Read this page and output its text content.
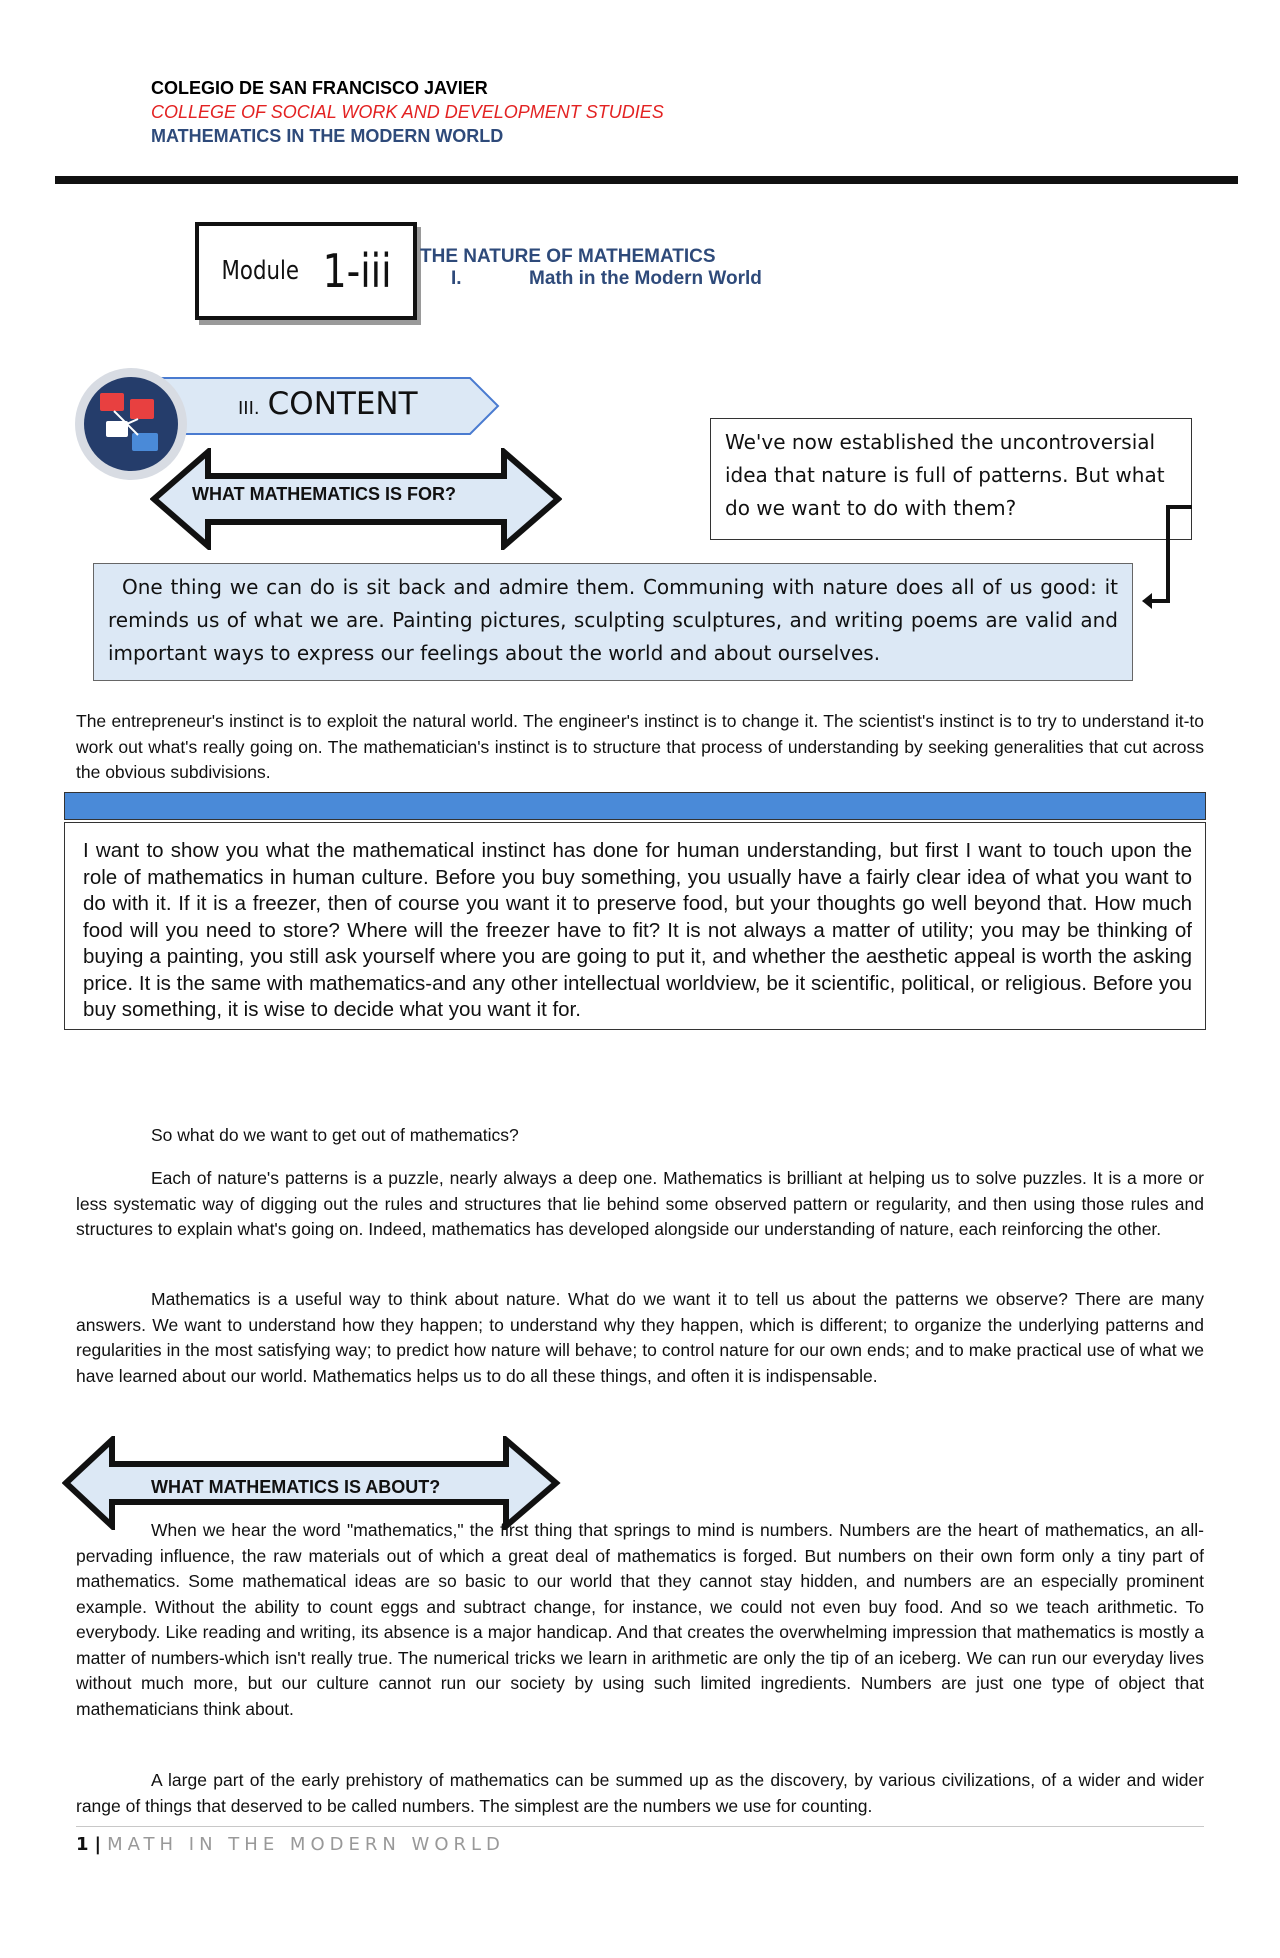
COLEGIO DE SAN FRANCISCO JAVIER
COLLEGE OF SOCIAL WORK AND DEVELOPMENT STUDIES
MATHEMATICS IN THE MODERN WORLD
Module 1-iii THE NATURE OF MATHEMATICS
I.	Math in the Modern World
III. CONTENT
WHAT MATHEMATICS IS FOR?
We've now established the uncontroversial idea that nature is full of patterns. But what do we want to do with them?
One thing we can do is sit back and admire them. Communing with nature does all of us good: it reminds us of what we are. Painting pictures, sculpting sculptures, and writing poems are valid and important ways to express our feelings about the world and about ourselves.
The entrepreneur's instinct is to exploit the natural world. The engineer's instinct is to change it. The scientist's instinct is to try to understand it-to work out what's really going on. The mathematician's instinct is to structure that process of understanding by seeking generalities that cut across the obvious subdivisions.
I want to show you what the mathematical instinct has done for human understanding, but first I want to touch upon the role of mathematics in human culture. Before you buy something, you usually have a fairly clear idea of what you want to do with it. If it is a freezer, then of course you want it to preserve food, but your thoughts go well beyond that. How much food will you need to store? Where will the freezer have to fit? It is not always a matter of utility; you may be thinking of buying a painting, you still ask yourself where you are going to put it, and whether the aesthetic appeal is worth the asking price. It is the same with mathematics-and any other intellectual worldview, be it scientific, political, or religious. Before you buy something, it is wise to decide what you want it for.
So what do we want to get out of mathematics?
Each of nature's patterns is a puzzle, nearly always a deep one. Mathematics is brilliant at helping us to solve puzzles. It is a more or less systematic way of digging out the rules and structures that lie behind some observed pattern or regularity, and then using those rules and structures to explain what's going on. Indeed, mathematics has developed alongside our understanding of nature, each reinforcing the other.
Mathematics is a useful way to think about nature. What do we want it to tell us about the patterns we observe? There are many answers. We want to understand how they happen; to understand why they happen, which is different; to organize the underlying patterns and regularities in the most satisfying way; to predict how nature will behave; to control nature for our own ends; and to make practical use of what we have learned about our world. Mathematics helps us to do all these things, and often it is indispensable.
WHAT MATHEMATICS IS ABOUT?
When we hear the word "mathematics," the first thing that springs to mind is numbers. Numbers are the heart of mathematics, an all-pervading influence, the raw materials out of which a great deal of mathematics is forged. But numbers on their own form only a tiny part of mathematics. Some mathematical ideas are so basic to our world that they cannot stay hidden, and numbers are an especially prominent example. Without the ability to count eggs and subtract change, for instance, we could not even buy food. And so we teach arithmetic. To everybody. Like reading and writing, its absence is a major handicap. And that creates the overwhelming impression that mathematics is mostly a matter of numbers-which isn't really true. The numerical tricks we learn in arithmetic are only the tip of an iceberg. We can run our everyday lives without much more, but our culture cannot run our society by using such limited ingredients. Numbers are just one type of object that mathematicians think about.
A large part of the early prehistory of mathematics can be summed up as the discovery, by various civilizations, of a wider and wider range of things that deserved to be called numbers. The simplest are the numbers we use for counting.
1 | MATH IN THE MODERN WORLD
